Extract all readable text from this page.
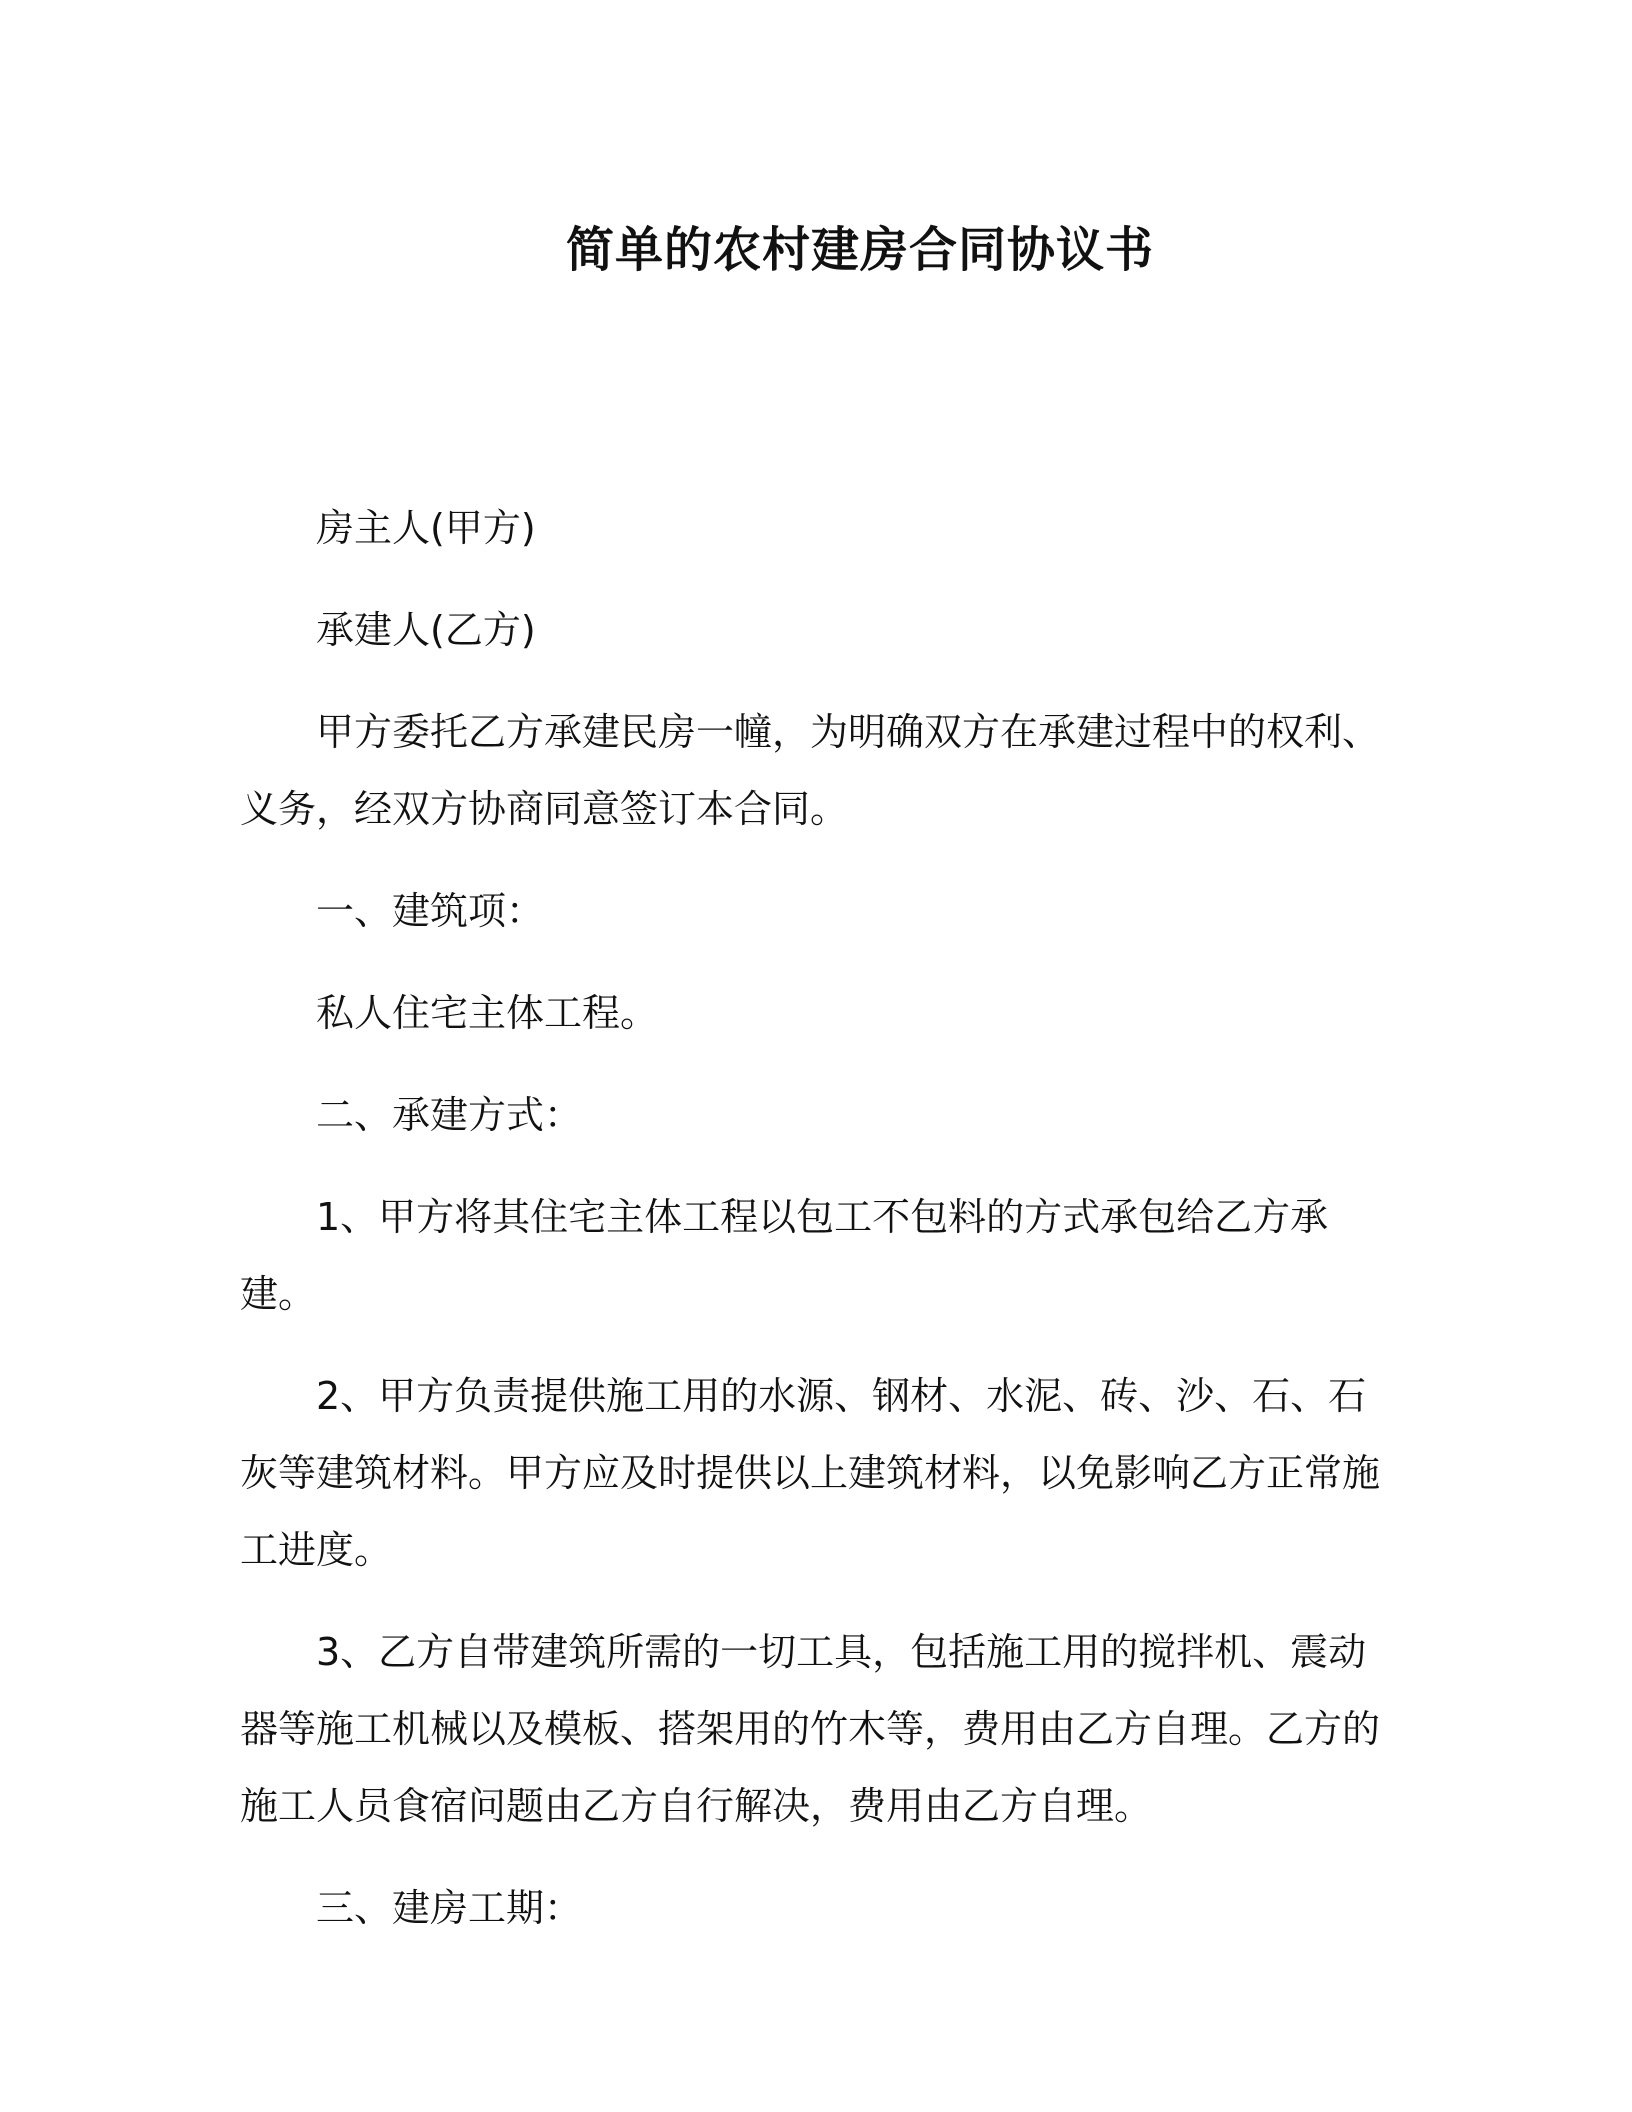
简单的农村建房合同协议书

房主人(甲方)

承建人(乙方)

甲方委托乙方承建民房一幢，为明确双方在承建过程中的权利、义务，经双方协商同意签订本合同。

一、建筑项：

私人住宅主体工程。

二、承建方式：

1、甲方将其住宅主体工程以包工不包料的方式承包给乙方承建。

2、甲方负责提供施工用的水源、钢材、水泥、砖、沙、石、石灰等建筑材料。甲方应及时提供以上建筑材料，以免影响乙方正常施工进度。

3、乙方自带建筑所需的一切工具，包括施工用的搅拌机、震动器等施工机械以及模板、搭架用的竹木等，费用由乙方自理。乙方的施工人员食宿问题由乙方自行解决，费用由乙方自理。

三、建房工期：
